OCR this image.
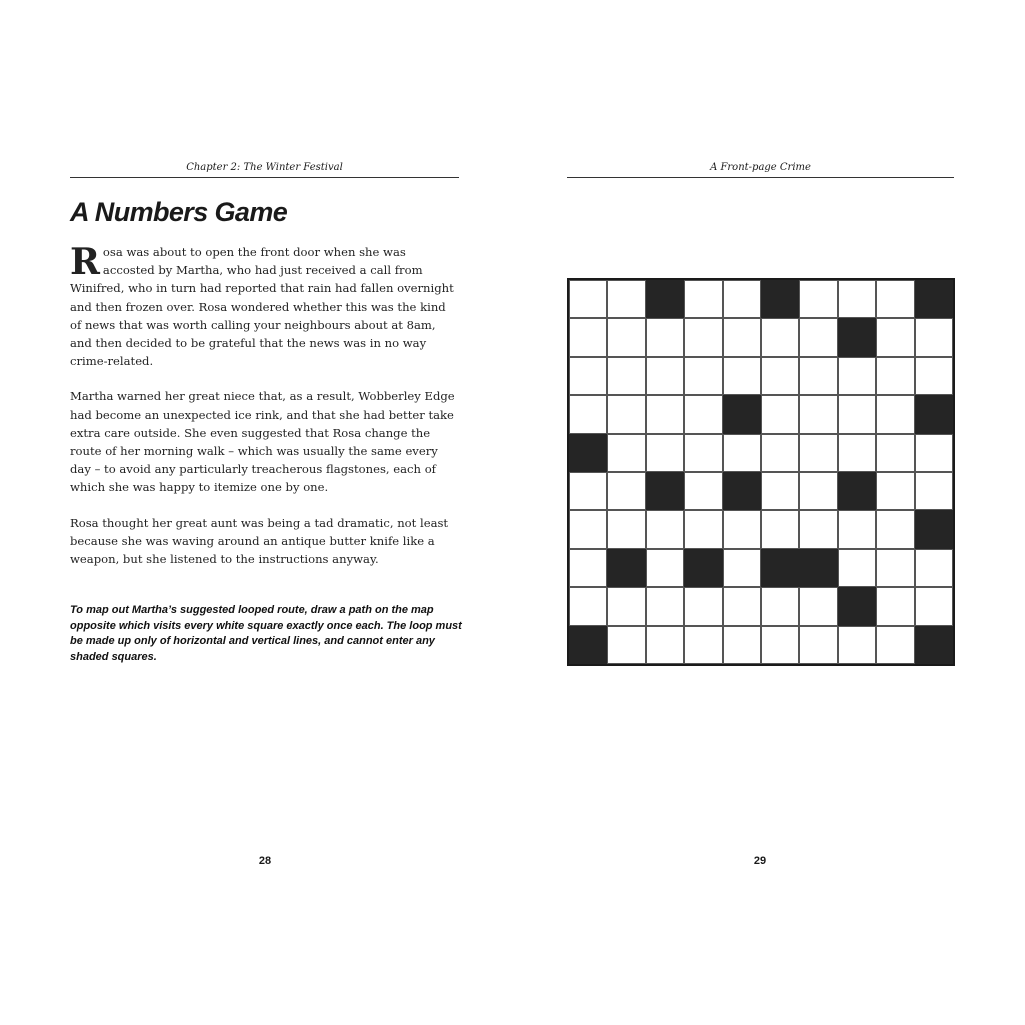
Chapter 2: The Winter Festival
A Numbers Game

Rosa was about to open the front door when she was accosted by Martha, who had just received a call from Winifred, who in turn had reported that rain had fallen overnight and then frozen over. Rosa wondered whether this was the kind of news that was worth calling your neighbours about at 8am, and then decided to be grateful that the news was in no way crime-related.

Martha warned her great niece that, as a result, Wobberley Edge had become an unexpected ice rink, and that she had better take extra care outside. She even suggested that Rosa change the route of her morning walk – which was usually the same every day – to avoid any particularly treacherous flagstones, each of which she was happy to itemize one by one.

Rosa thought her great aunt was being a tad dramatic, not least because she was waving around an antique butter knife like a weapon, but she listened to the instructions anyway.

To map out Martha’s suggested looped route, draw a path on the map opposite which visits every white square exactly once each. The loop must be made up only of horizontal and vertical lines, and cannot enter any shaded squares.

28
A Front-page Crime
29
